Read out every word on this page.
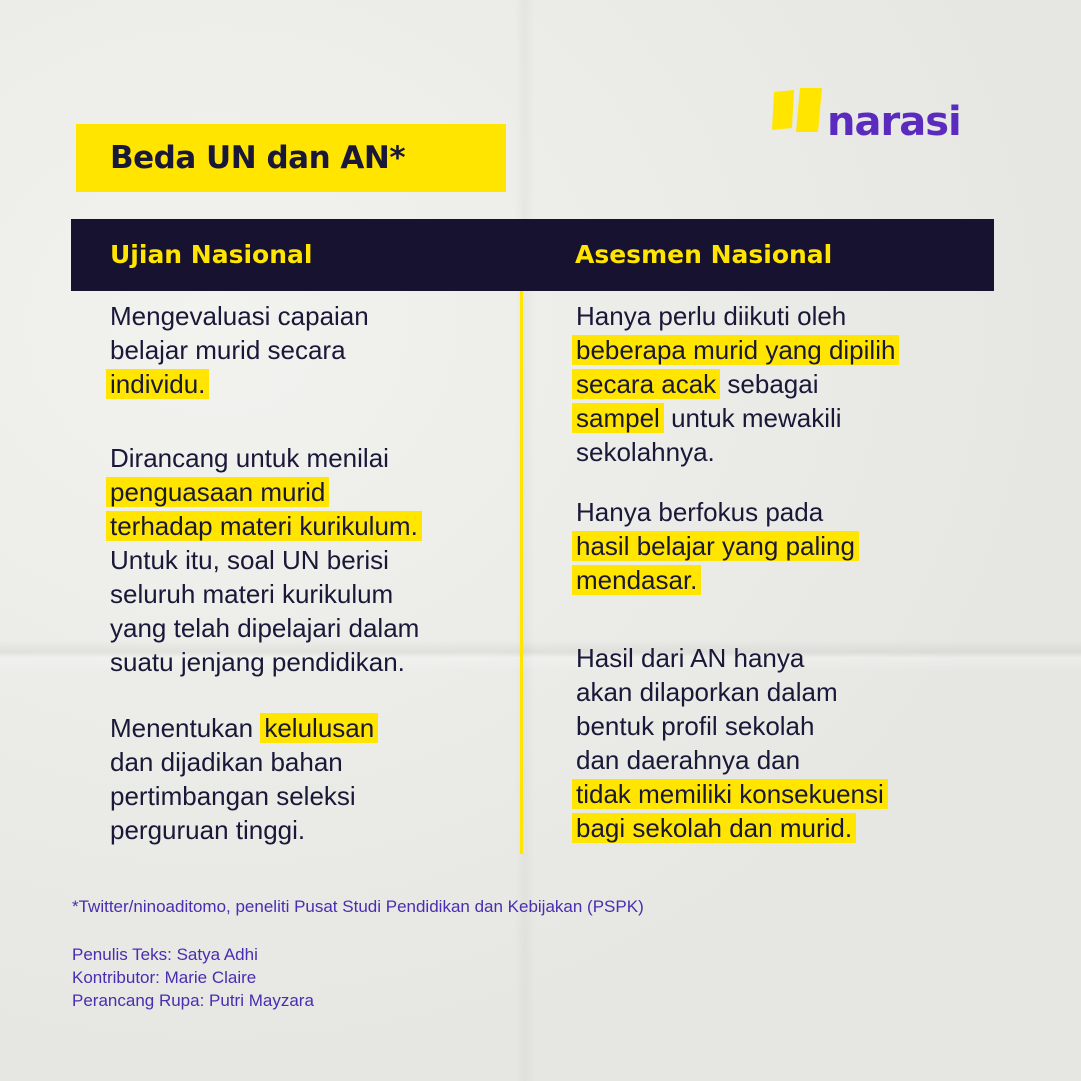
narasi
Beda UN dan AN*
Ujian Nasional	Asesmen Nasional
Mengevaluasi capaian
belajar murid secara
individu.
Dirancang untuk menilai
penguasaan murid
terhadap materi kurikulum.
Untuk itu, soal UN berisi
seluruh materi kurikulum
yang telah dipelajari dalam
suatu jenjang pendidikan.
Menentukan kelulusan
dan dijadikan bahan
pertimbangan seleksi
perguruan tinggi.
Hanya perlu diikuti oleh
beberapa murid yang dipilih
secara acak sebagai
sampel untuk mewakili
sekolahnya.
Hanya berfokus pada
hasil belajar yang paling
mendasar.
Hasil dari AN hanya
akan dilaporkan dalam
bentuk profil sekolah
dan daerahnya dan
tidak memiliki konsekuensi
bagi sekolah dan murid.
*Twitter/ninoaditomo, peneliti Pusat Studi Pendidikan dan Kebijakan (PSPK)
Penulis Teks: Satya Adhi
Kontributor: Marie Claire
Perancang Rupa: Putri Mayzara
